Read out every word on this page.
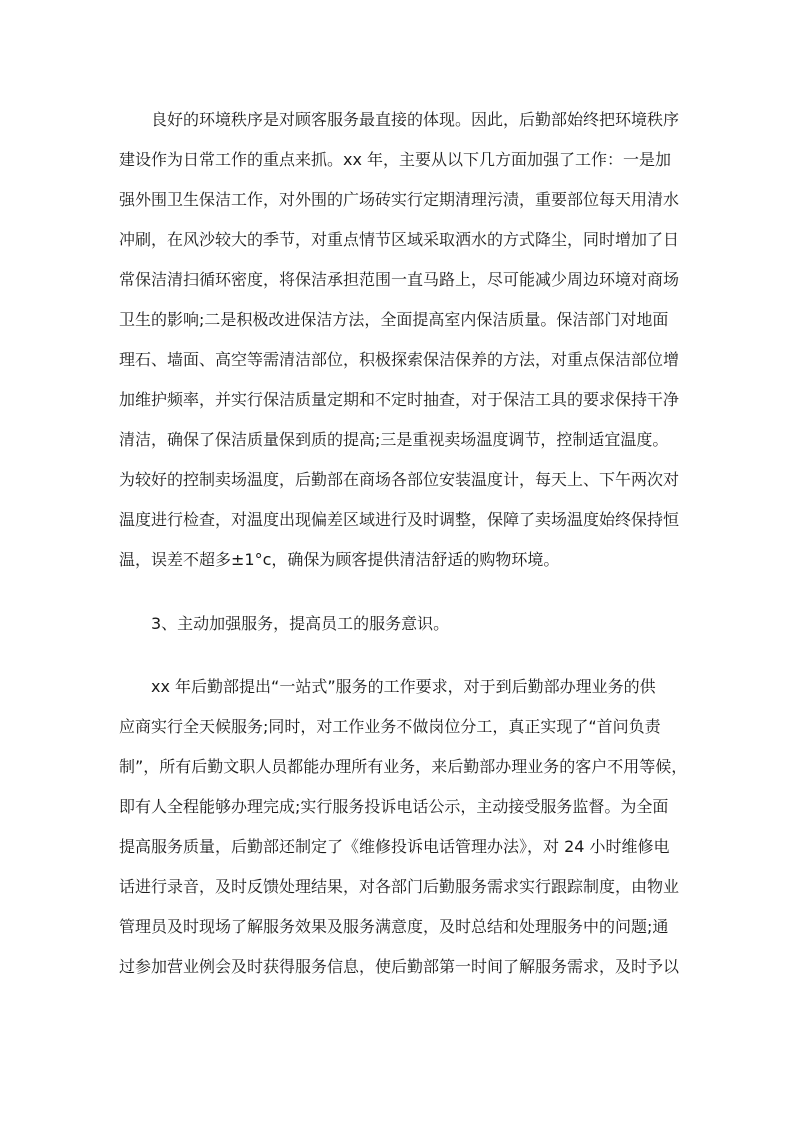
良好的环境秩序是对顾客服务最直接的体现。因此，后勤部始终把环境秩序
建设作为日常工作的重点来抓。xx 年，主要从以下几方面加强了工作：一是加
强外围卫生保洁工作，对外围的广场砖实行定期清理污渍，重要部位每天用清水
冲刷，在风沙较大的季节，对重点情节区域采取洒水的方式降尘，同时增加了日
常保洁清扫循环密度，将保洁承担范围一直马路上，尽可能减少周边环境对商场
卫生的影响;二是积极改进保洁方法，全面提高室内保洁质量。保洁部门对地面
理石、墙面、高空等需清洁部位，积极探索保洁保养的方法，对重点保洁部位增
加维护频率，并实行保洁质量定期和不定时抽查，对于保洁工具的要求保持干净
清洁，确保了保洁质量保到质的提高;三是重视卖场温度调节，控制适宜温度。
为较好的控制卖场温度，后勤部在商场各部位安装温度计，每天上、下午两次对
温度进行检查，对温度出现偏差区域进行及时调整，保障了卖场温度始终保持恒
温，误差不超多±1°c，确保为顾客提供清洁舒适的购物环境。
3、主动加强服务，提高员工的服务意识。
xx 年后勤部提出“一站式”服务的工作要求，对于到后勤部办理业务的供
应商实行全天候服务;同时，对工作业务不做岗位分工，真正实现了“首问负责
制”，所有后勤文职人员都能办理所有业务，来后勤部办理业务的客户不用等候，
即有人全程能够办理完成;实行服务投诉电话公示，主动接受服务监督。为全面
提高服务质量，后勤部还制定了《维修投诉电话管理办法》，对 24 小时维修电
话进行录音，及时反馈处理结果，对各部门后勤服务需求实行跟踪制度，由物业
管理员及时现场了解服务效果及服务满意度，及时总结和处理服务中的问题;通
过参加营业例会及时获得服务信息，使后勤部第一时间了解服务需求，及时予以
